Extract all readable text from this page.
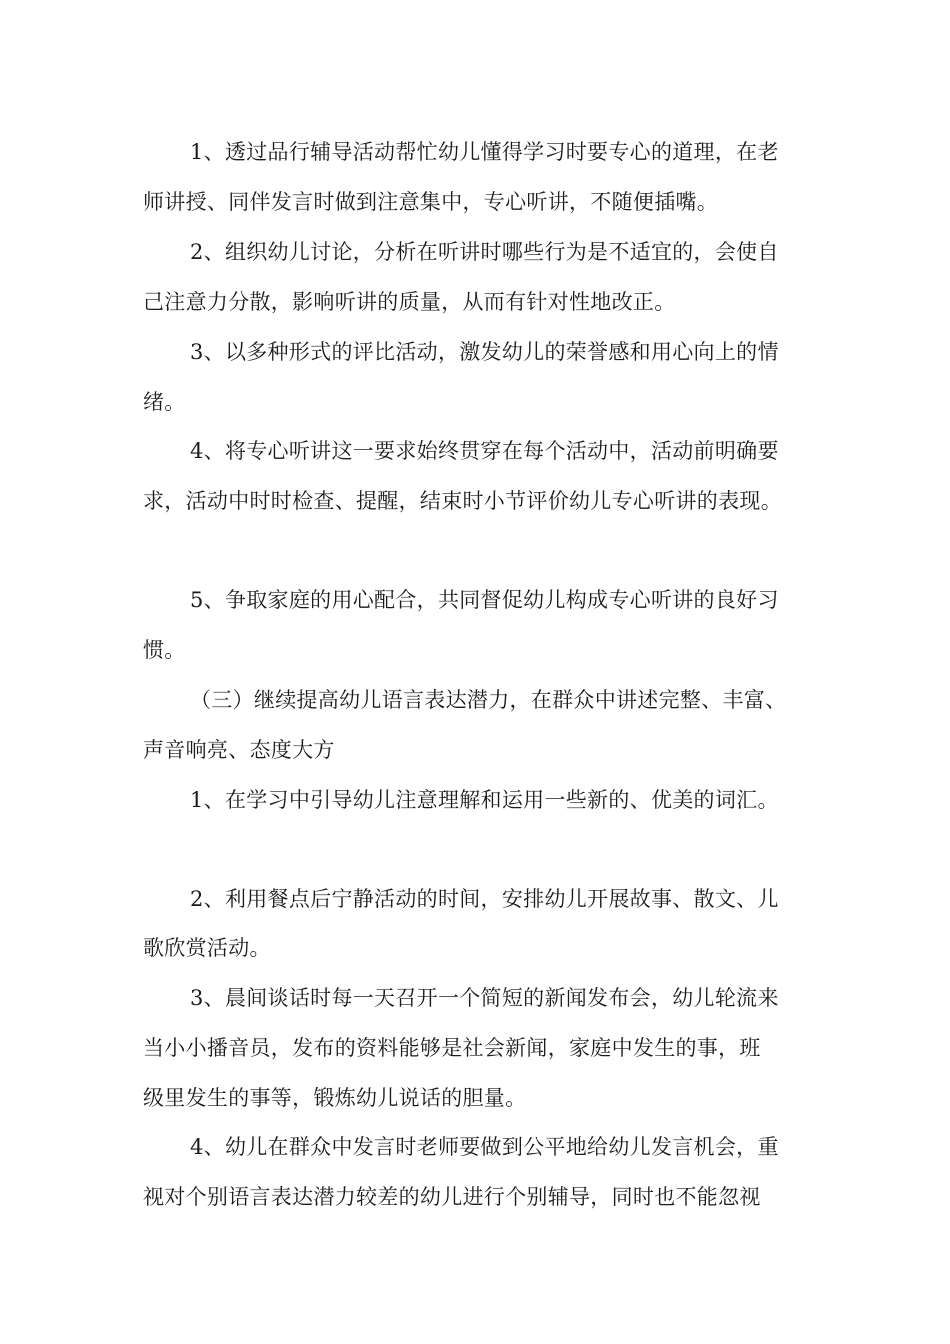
1、透过品行辅导活动帮忙幼儿懂得学习时要专心的道理，在老
师讲授、同伴发言时做到注意集中，专心听讲，不随便插嘴。
2、组织幼儿讨论，分析在听讲时哪些行为是不适宜的，会使自
己注意力分散，影响听讲的质量，从而有针对性地改正。
3、以多种形式的评比活动，激发幼儿的荣誉感和用心向上的情
绪。
4、将专心听讲这一要求始终贯穿在每个活动中，活动前明确要
求，活动中时时检查、提醒，结束时小节评价幼儿专心听讲的表现。
5、争取家庭的用心配合，共同督促幼儿构成专心听讲的良好习
惯。
（三）继续提高幼儿语言表达潜力，在群众中讲述完整、丰富、
声音响亮、态度大方
1、在学习中引导幼儿注意理解和运用一些新的、优美的词汇。
2、利用餐点后宁静活动的时间，安排幼儿开展故事、散文、儿
歌欣赏活动。
3、晨间谈话时每一天召开一个简短的新闻发布会，幼儿轮流来
当小小播音员，发布的资料能够是社会新闻，家庭中发生的事，班
级里发生的事等，锻炼幼儿说话的胆量。
4、幼儿在群众中发言时老师要做到公平地给幼儿发言机会，重
视对个别语言表达潜力较差的幼儿进行个别辅导，同时也不能忽视
